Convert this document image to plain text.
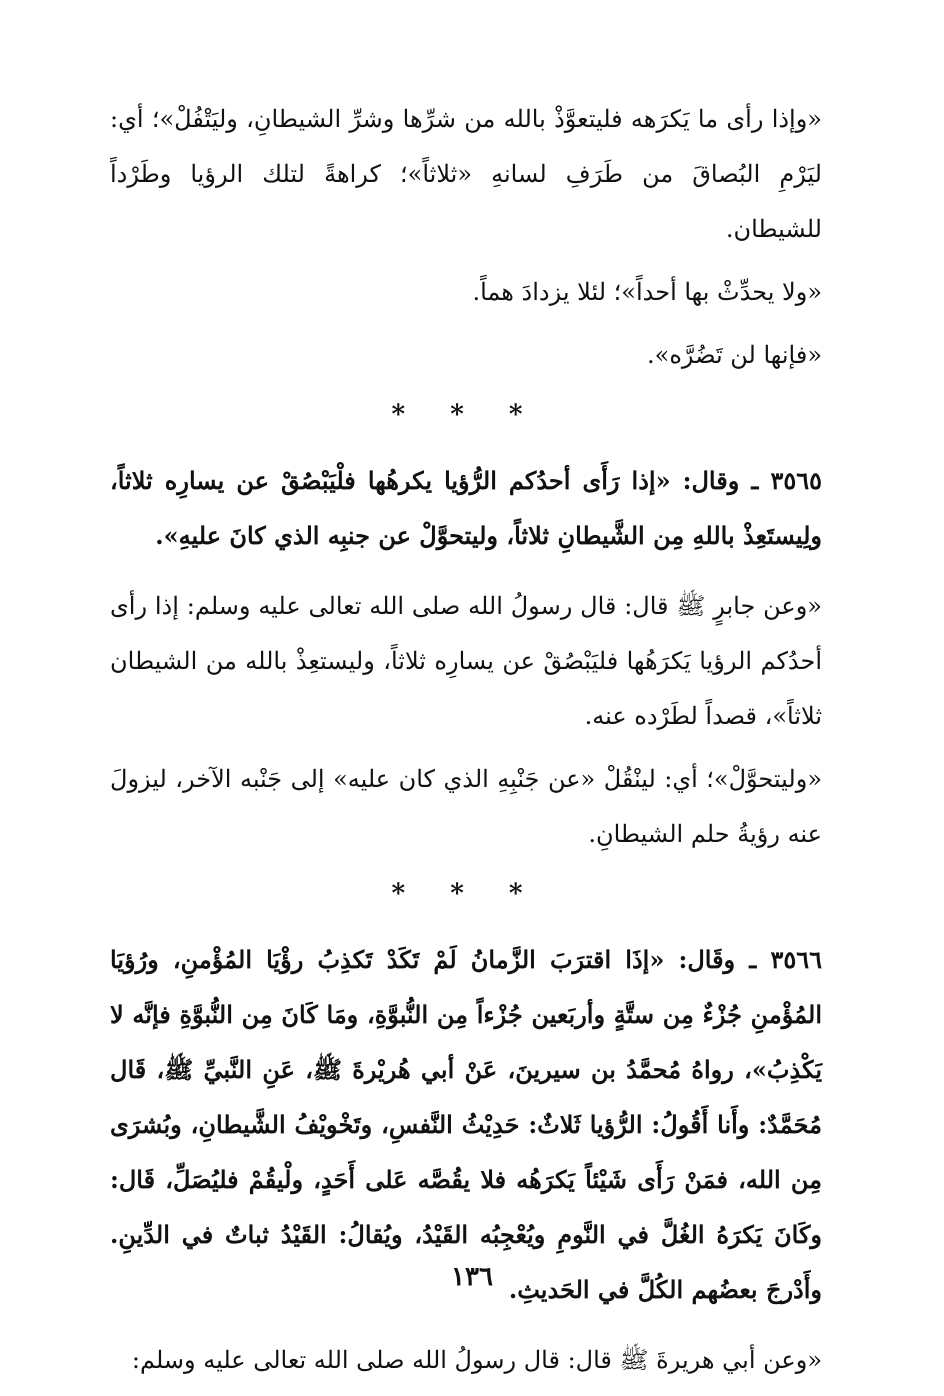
«وإذا رأى ما يَكرَهه فليتعوَّذْ بالله من شرِّها وشرِّ الشيطانِ، وليَتْفُلْ»؛ أي: ليَرْمِ البُصاقَ من طَرَفِ لسانهِ «ثلاثاً»؛ كراهةً لتلك الرؤيا وطَرْداً للشيطان.

«ولا يحدِّثْ بها أحداً»؛ لئلا يزدادَ هماً.

«فإنها لن تَضُرَّه».

* * *

٣٥٦٥ ـ وقال: «إذا رَأَى أحدُكم الرُّؤيا يكرهُها فلْيَبْصُقْ عن يسارِه ثلاثاً، ولِيستَعِذْ باللهِ مِن الشَّيطانِ ثلاثاً، وليتحوَّلْ عن جنبِه الذي كانَ عليهِ».

«وعن جابرٍ ﷺ قال: قال رسولُ الله صلى الله تعالى عليه وسلم: إذا رأى أحدُكم الرؤيا يَكرَهُها فليَبْصُقْ عن يسارِه ثلاثاً، وليستعِذْ بالله من الشيطان ثلاثاً»، قصداً لطَرْده عنه.

«وليتحوَّلْ»؛ أي: لينْقُلْ «عن جَنْبِهِ الذي كان عليه» إلى جَنْبه الآخر، ليزولَ عنه رؤيةُ حلم الشيطانِ.

* * *

٣٥٦٦ ـ وقَال: «إذَا اقترَبَ الزَّمانُ لَمْ تَكَدْ تَكذِبُ رؤْيَا المُؤْمنِ، ورُؤيَا المُؤْمنِ جُزْءٌ مِن ستَّةٍ وأربَعين جُزْءاً مِن النُّبوَّةِ، ومَا كَانَ مِن النُّبوَّةِ فإنَّه لا يَكْذِبُ»، رواهُ مُحمَّدُ بن سيرينَ، عَنْ أبي هُريْرةَ ﷺ، عَنِ النَّبيِّ ﷺ، قَال مُحَمَّدٌ: وأَنا أَقُولُ: الرُّؤيا ثَلاثٌ: حَدِيْثُ النَّفسِ، وتَخْويْفُ الشَّيطانِ، وبُشرَى مِن الله، فمَنْ رَأَى شَيْئاً يَكرَهُه فلا يقُصَّه عَلى أَحَدٍ، ولْيقُمْ فليُصَلِّ، قَال: وكَانَ يَكرَهُ الغُلَّ في النَّومِ ويُعْجِبُه القَيْدُ، ويُقالُ: القَيْدُ ثباتٌ في الدِّينِ. وأَدْرجَ بعضُهم الكُلَّ في الحَديثِ.

«وعن أبي هريرةَ ﷺ قال: قال رسولُ الله صلى الله تعالى عليه وسلم:

١٣٦
